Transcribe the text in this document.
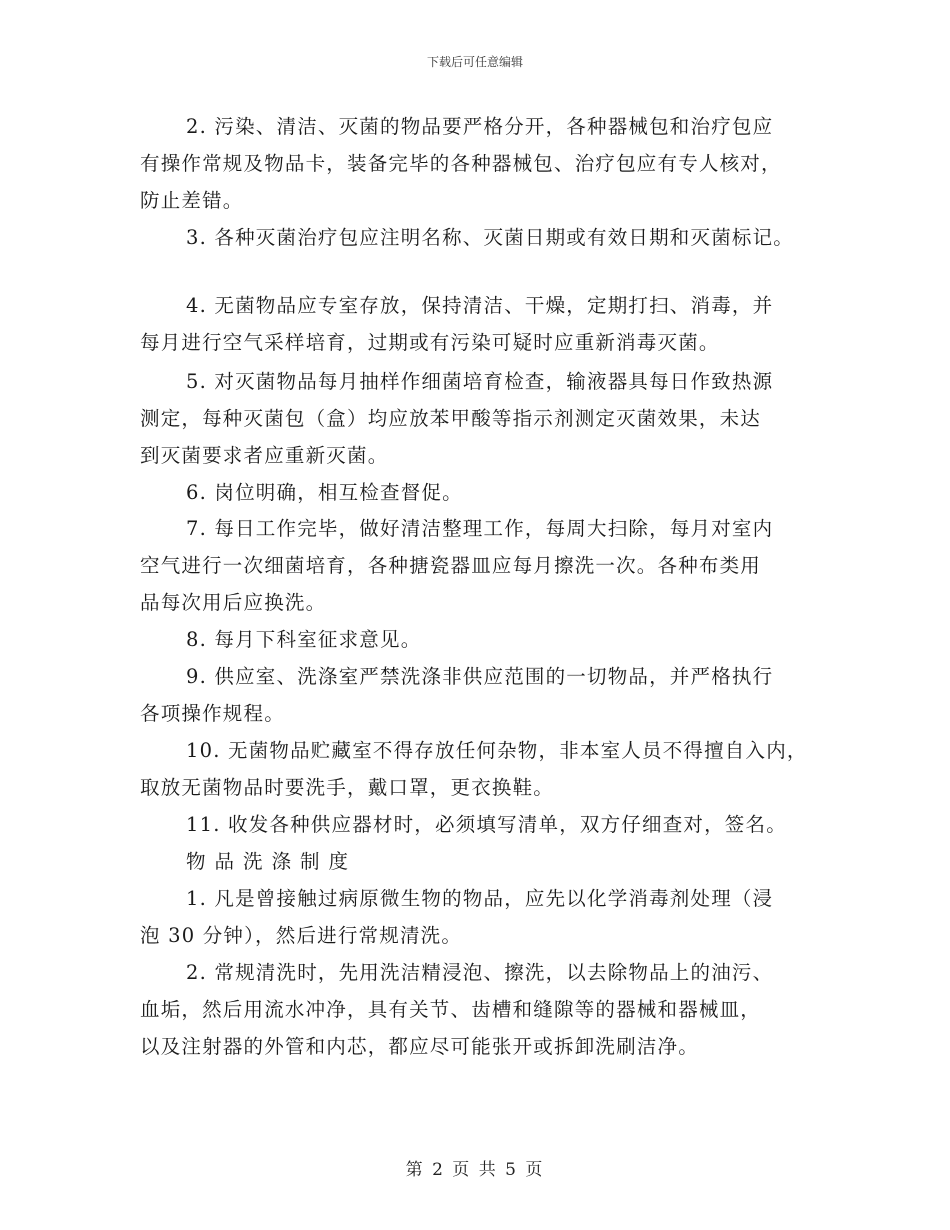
下载后可任意编辑
2. 污染、清洁、灭菌的物品要严格分开，各种器械包和治疗包应
有操作常规及物品卡，装备完毕的各种器械包、治疗包应有专人核对，
防止差错。
3. 各种灭菌治疗包应注明名称、灭菌日期或有效日期和灭菌标记。
4. 无菌物品应专室存放，保持清洁、干燥，定期打扫、消毒，并
每月进行空气采样培育，过期或有污染可疑时应重新消毒灭菌。
5. 对灭菌物品每月抽样作细菌培育检查，输液器具每日作致热源
测定，每种灭菌包（盒）均应放苯甲酸等指示剂测定灭菌效果，未达
到灭菌要求者应重新灭菌。
6. 岗位明确，相互检查督促。
7. 每日工作完毕，做好清洁整理工作，每周大扫除，每月对室内
空气进行一次细菌培育，各种搪瓷器皿应每月擦洗一次。各种布类用
品每次用后应换洗。
8. 每月下科室征求意见。
9. 供应室、洗涤室严禁洗涤非供应范围的一切物品，并严格执行
各项操作规程。
10. 无菌物品贮藏室不得存放任何杂物，非本室人员不得擅自入内，
取放无菌物品时要洗手，戴口罩，更衣换鞋。
11. 收发各种供应器材时，必须填写清单，双方仔细查对，签名。
物品洗涤制度
1. 凡是曾接触过病原微生物的物品，应先以化学消毒剂处理（浸
泡 30 分钟），然后进行常规清洗。
2. 常规清洗时，先用洗洁精浸泡、擦洗，以去除物品上的油污、
血垢，然后用流水冲净，具有关节、齿槽和缝隙等的器械和器械皿，
以及注射器的外管和内芯，都应尽可能张开或拆卸洗刷洁净。
第 2 页 共 5 页
